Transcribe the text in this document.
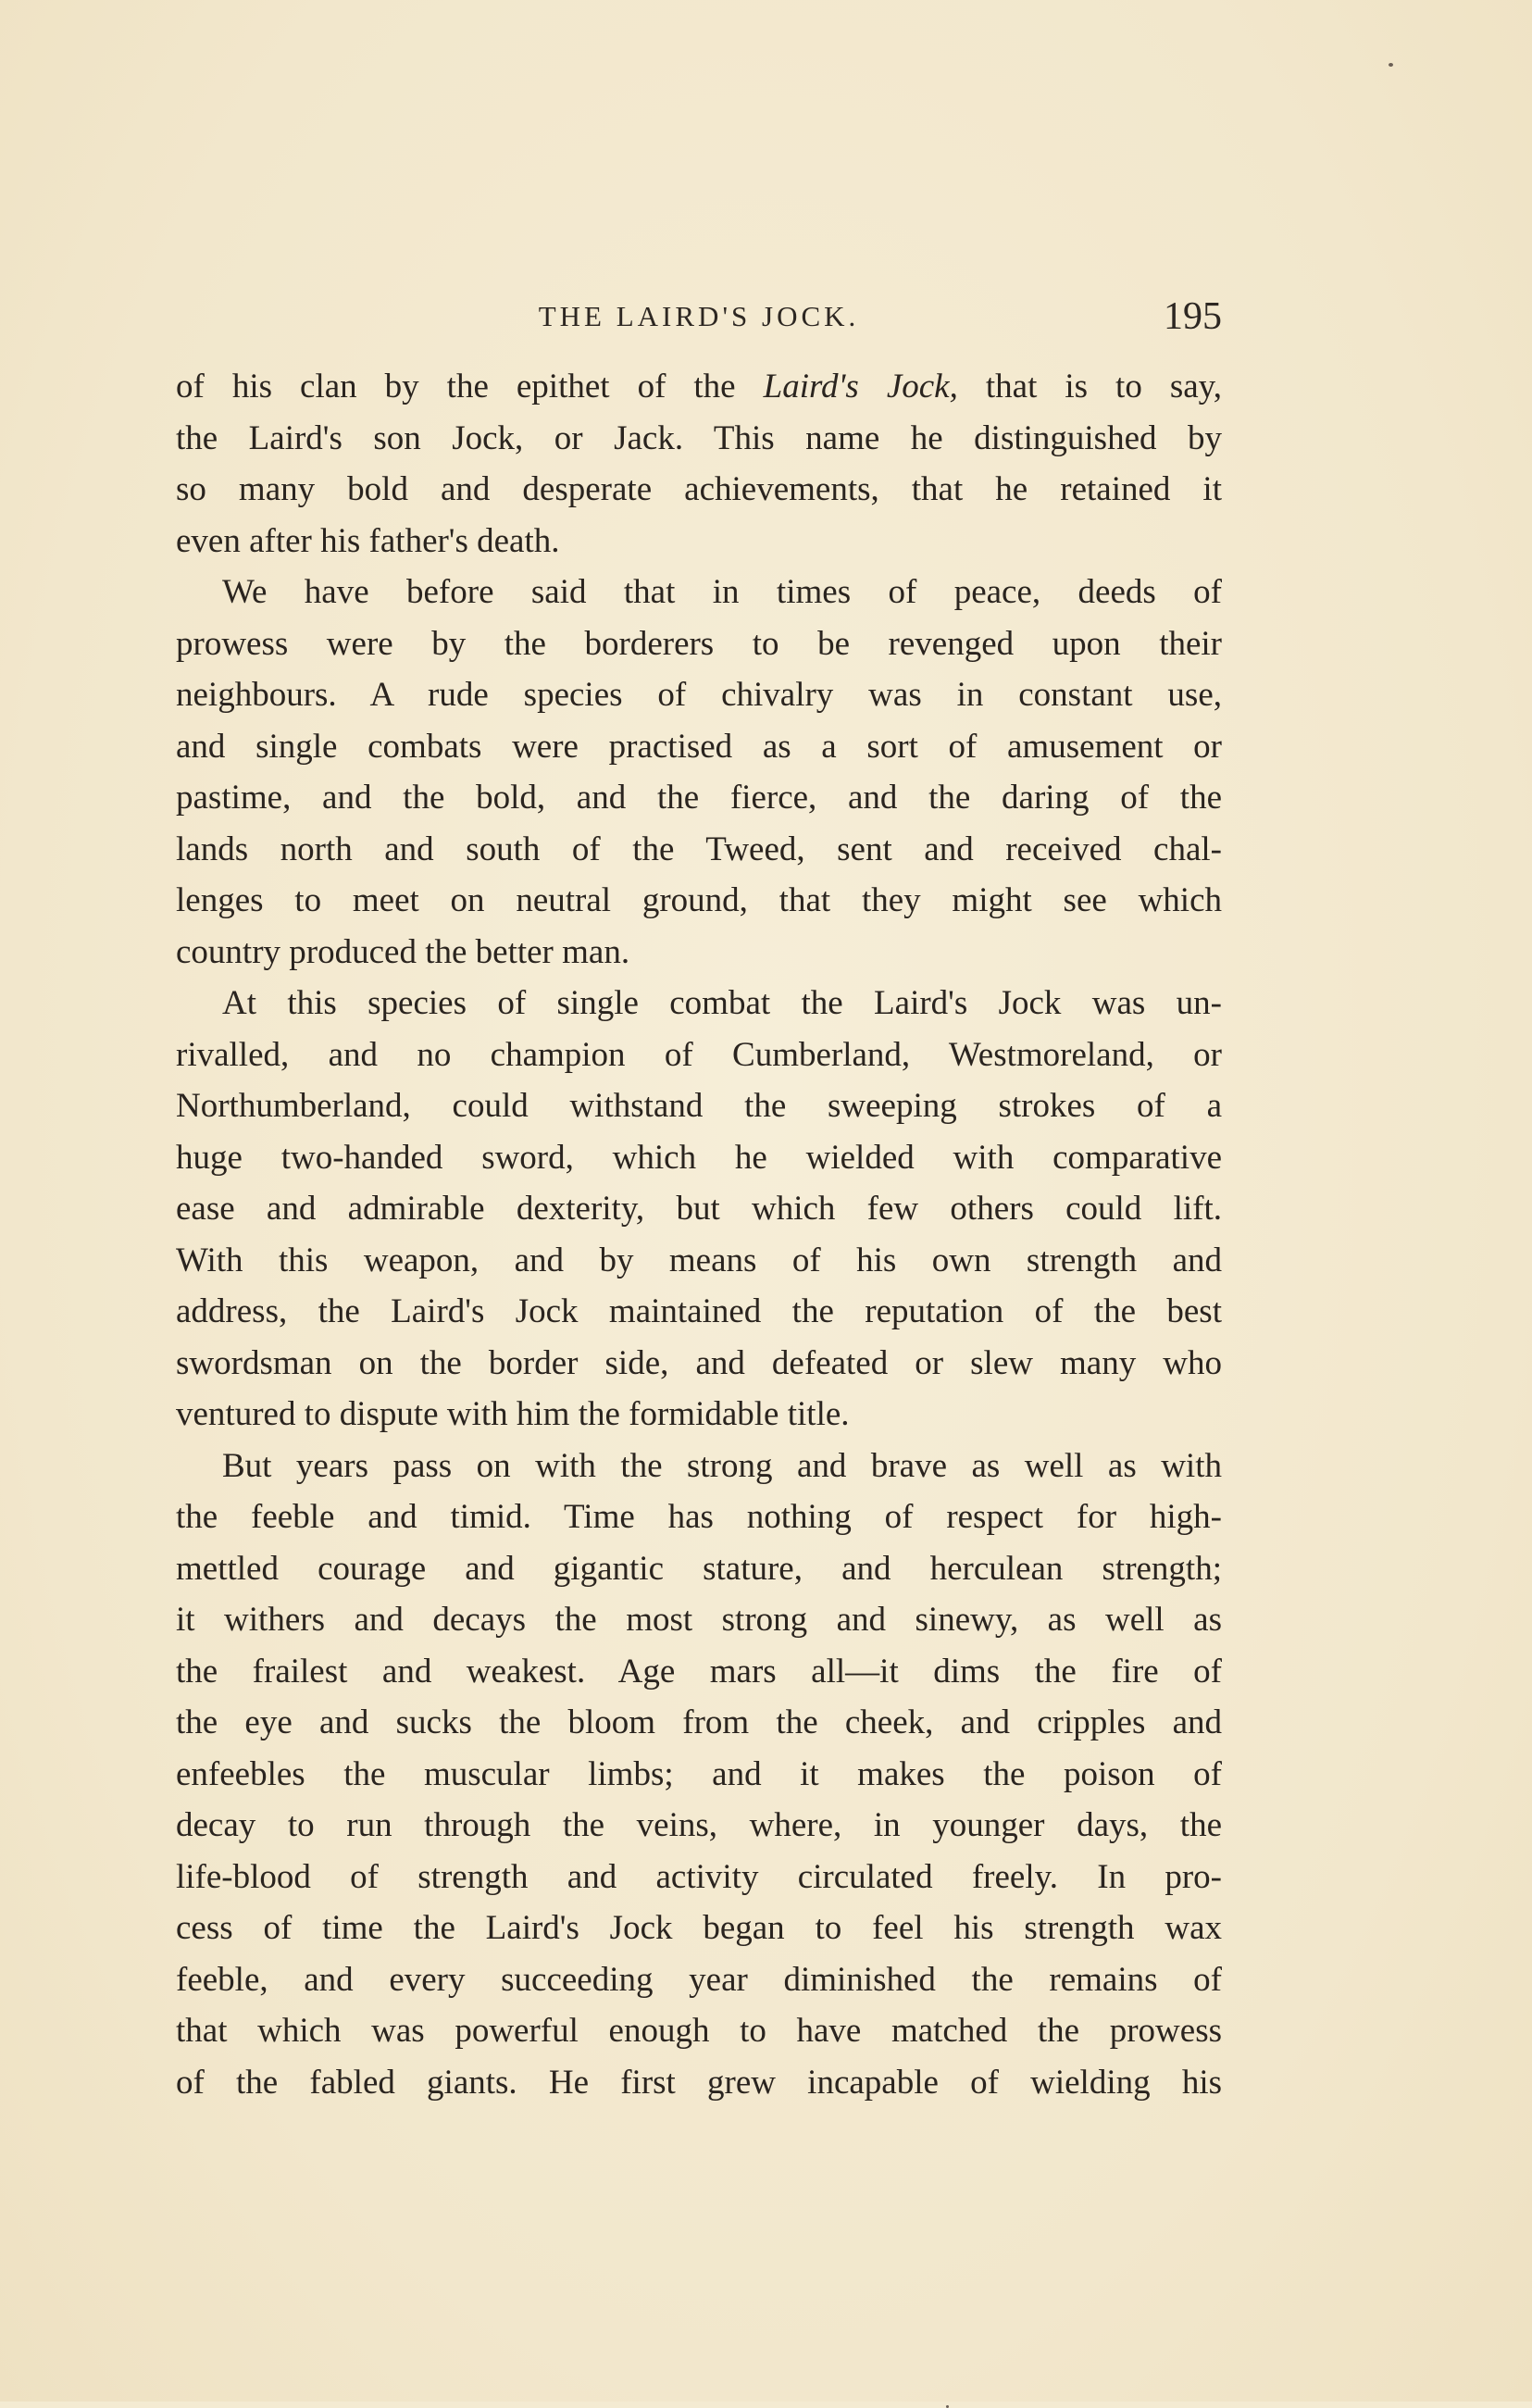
THE LAIRD'S JOCK.	195
of his clan by the epithet of the Laird's Jock, that is to say,
the Laird's son Jock, or Jack. This name he distinguished by
so many bold and desperate achievements, that he retained it
even after his father's death.
We have before said that in times of peace, deeds of
prowess were by the borderers to be revenged upon their
neighbours. A rude species of chivalry was in constant use,
and single combats were practised as a sort of amusement or
pastime, and the bold, and the fierce, and the daring of the
lands north and south of the Tweed, sent and received chal-
lenges to meet on neutral ground, that they might see which
country produced the better man.
At this species of single combat the Laird's Jock was un-
rivalled, and no champion of Cumberland, Westmoreland, or
Northumberland, could withstand the sweeping strokes of a
huge two-handed sword, which he wielded with comparative
ease and admirable dexterity, but which few others could lift.
With this weapon, and by means of his own strength and
address, the Laird's Jock maintained the reputation of the best
swordsman on the border side, and defeated or slew many who
ventured to dispute with him the formidable title.
But years pass on with the strong and brave as well as with
the feeble and timid. Time has nothing of respect for high-
mettled courage and gigantic stature, and herculean strength;
it withers and decays the most strong and sinewy, as well as
the frailest and weakest. Age mars all—it dims the fire of
the eye and sucks the bloom from the cheek, and cripples and
enfeebles the muscular limbs; and it makes the poison of
decay to run through the veins, where, in younger days, the
life-blood of strength and activity circulated freely. In pro-
cess of time the Laird's Jock began to feel his strength wax
feeble, and every succeeding year diminished the remains of
that which was powerful enough to have matched the prowess
of the fabled giants. He first grew incapable of wielding his
